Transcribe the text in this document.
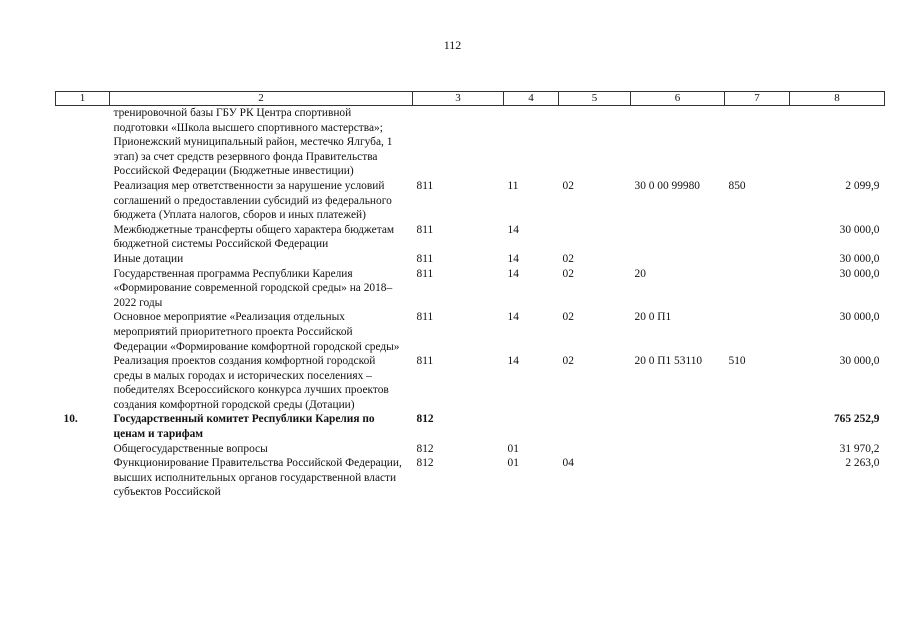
112
1	2	3	4	5	6	7	8
	тренировочной базы ГБУ РК Центра спортивной подготовки «Школа высшего спортивного мастерства»; Прионежский муниципальный район, местечко Ялгуба, 1 этап) за счет средств резервного фонда Правительства Российской Федерации (Бюджетные инвестиции)						
	Реализация мер ответственности за нарушение условий соглашений о предоставлении субсидий из федерального бюджета (Уплата налогов, сборов и иных платежей)	811	11	02	30 0 00 99980	850	2 099,9
	Межбюджетные трансферты общего характера бюджетам бюджетной системы Российской Федерации	811	14				30 000,0
	Иные дотации	811	14	02			30 000,0
	Государственная программа Республики Карелия «Формирование современной городской среды» на 2018–2022 годы	811	14	02	20		30 000,0
	Основное мероприятие «Реализация отдельных мероприятий приоритетного проекта Российской Федерации «Формирование комфортной городской среды»	811	14	02	20 0 П1		30 000,0
	Реализация проектов создания комфортной городской среды в малых городах и исторических поселениях – победителях Всероссийского конкурса лучших проектов создания комфортной городской среды (Дотации)	811	14	02	20 0 П1 53110	510	30 000,0
10.	Государственный комитет Республики Карелия по ценам и тарифам	812					765 252,9
	Общегосударственные вопросы	812	01				31 970,2
	Функционирование Правительства Российской Федерации, высших исполнительных органов государственной власти субъектов Российской	812	01	04			2 263,0
